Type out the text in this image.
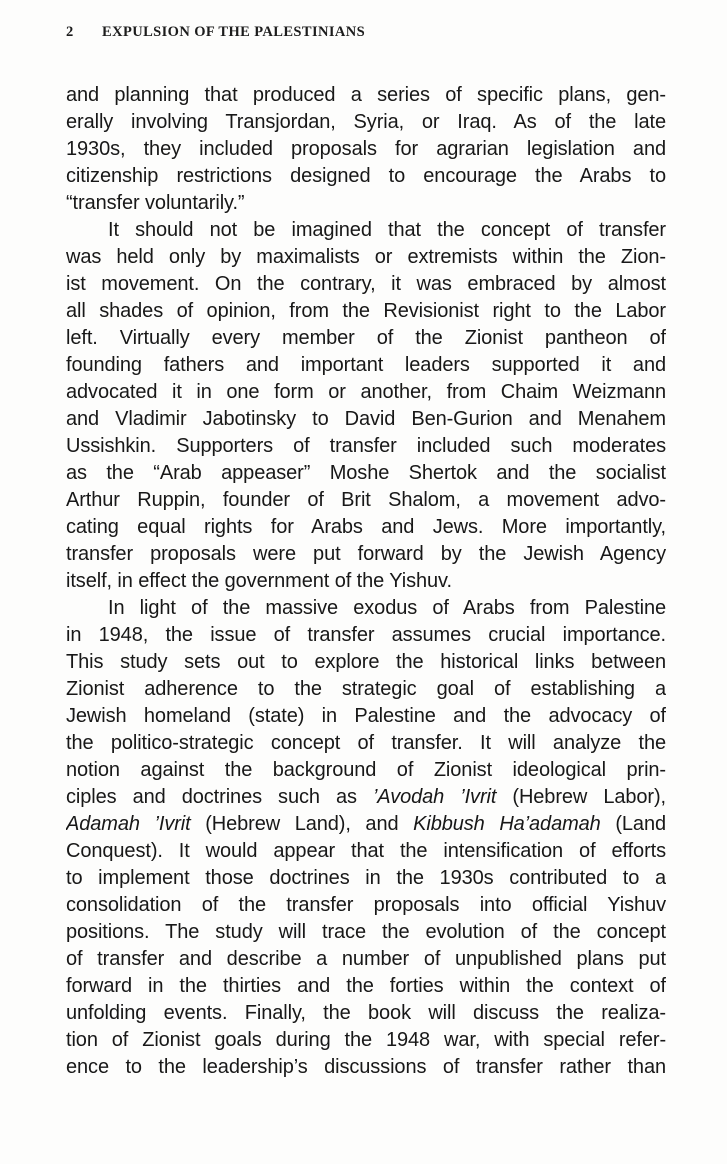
2 EXPULSION OF THE PALESTINIANS
and planning that produced a series of specific plans, gen-
erally involving Transjordan, Syria, or Iraq. As of the late
1930s, they included proposals for agrarian legislation and
citizenship restrictions designed to encourage the Arabs to
“transfer voluntarily.”
It should not be imagined that the concept of transfer
was held only by maximalists or extremists within the Zion-
ist movement. On the contrary, it was embraced by almost
all shades of opinion, from the Revisionist right to the Labor
left. Virtually every member of the Zionist pantheon of
founding fathers and important leaders supported it and
advocated it in one form or another, from Chaim Weizmann
and Vladimir Jabotinsky to David Ben-Gurion and Menahem
Ussishkin. Supporters of transfer included such moderates
as the “Arab appeaser” Moshe Shertok and the socialist
Arthur Ruppin, founder of Brit Shalom, a movement advo-
cating equal rights for Arabs and Jews. More importantly,
transfer proposals were put forward by the Jewish Agency
itself, in effect the government of the Yishuv.
In light of the massive exodus of Arabs from Palestine
in 1948, the issue of transfer assumes crucial importance.
This study sets out to explore the historical links between
Zionist adherence to the strategic goal of establishing a
Jewish homeland (state) in Palestine and the advocacy of
the politico-strategic concept of transfer. It will analyze the
notion against the background of Zionist ideological prin-
ciples and doctrines such as ’Avodah ’Ivrit (Hebrew Labor),
Adamah ’Ivrit (Hebrew Land), and Kibbush Ha’adamah (Land
Conquest). It would appear that the intensification of efforts
to implement those doctrines in the 1930s contributed to a
consolidation of the transfer proposals into official Yishuv
positions. The study will trace the evolution of the concept
of transfer and describe a number of unpublished plans put
forward in the thirties and the forties within the context of
unfolding events. Finally, the book will discuss the realiza-
tion of Zionist goals during the 1948 war, with special refer-
ence to the leadership’s discussions of transfer rather than
